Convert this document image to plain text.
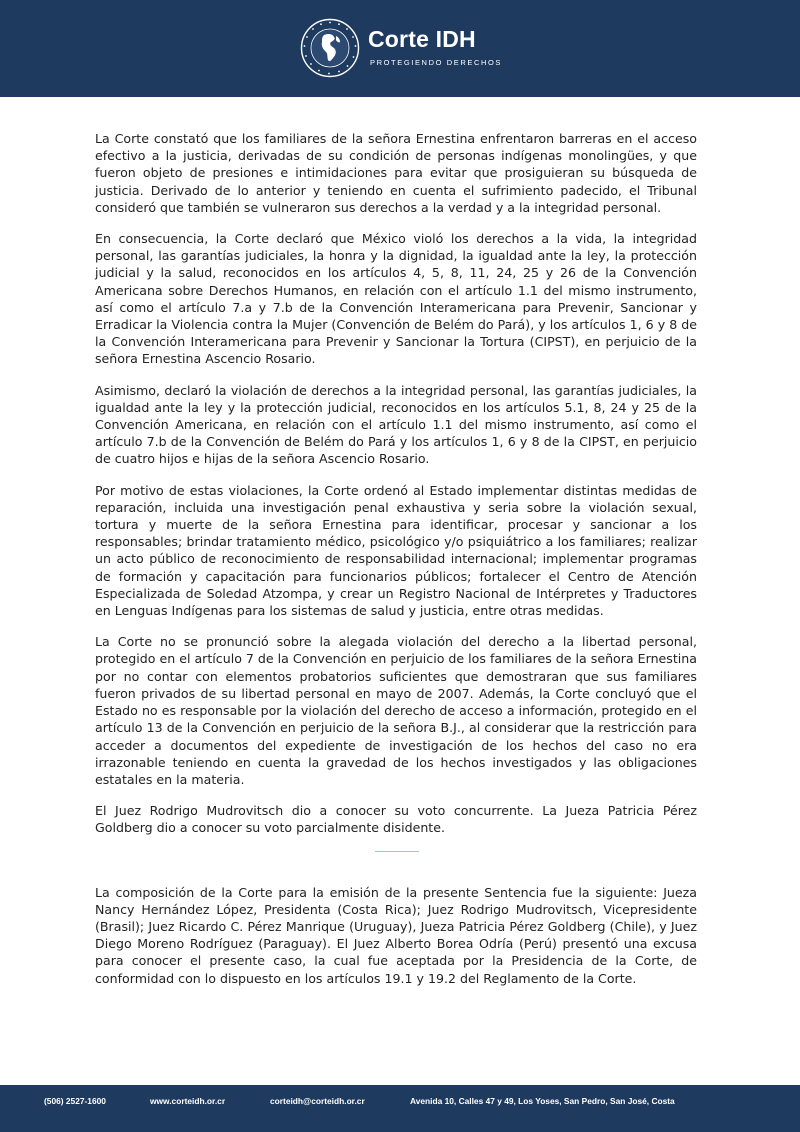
Corte IDH
PROTEGIENDO DERECHOS

La Corte constató que los familiares de la señora Ernestina enfrentaron barreras en el acceso efectivo a la justicia, derivadas de su condición de personas indígenas monolingües, y que fueron objeto de presiones e intimidaciones para evitar que prosiguieran su búsqueda de justicia. Derivado de lo anterior y teniendo en cuenta el sufrimiento padecido, el Tribunal consideró que también se vulneraron sus derechos a la verdad y a la integridad personal.

En consecuencia, la Corte declaró que México violó los derechos a la vida, la integridad personal, las garantías judiciales, la honra y la dignidad, la igualdad ante la ley, la protección judicial y la salud, reconocidos en los artículos 4, 5, 8, 11, 24, 25 y 26 de la Convención Americana sobre Derechos Humanos, en relación con el artículo 1.1 del mismo instrumento, así como el artículo 7.a y 7.b de la Convención Interamericana para Prevenir, Sancionar y Erradicar la Violencia contra la Mujer (Convención de Belém do Pará), y los artículos 1, 6 y 8 de la Convención Interamericana para Prevenir y Sancionar la Tortura (CIPST), en perjuicio de la señora Ernestina Ascencio Rosario.

Asimismo, declaró la violación de derechos a la integridad personal, las garantías judiciales, la igualdad ante la ley y la protección judicial, reconocidos en los artículos 5.1, 8, 24 y 25 de la Convención Americana, en relación con el artículo 1.1 del mismo instrumento, así como el artículo 7.b de la Convención de Belém do Pará y los artículos 1, 6 y 8 de la CIPST, en perjuicio de cuatro hijos e hijas de la señora Ascencio Rosario.

Por motivo de estas violaciones, la Corte ordenó al Estado implementar distintas medidas de reparación, incluida una investigación penal exhaustiva y seria sobre la violación sexual, tortura y muerte de la señora Ernestina para identificar, procesar y sancionar a los responsables; brindar tratamiento médico, psicológico y/o psiquiátrico a los familiares; realizar un acto público de reconocimiento de responsabilidad internacional; implementar programas de formación y capacitación para funcionarios públicos; fortalecer el Centro de Atención Especializada de Soledad Atzompa, y crear un Registro Nacional de Intérpretes y Traductores en Lenguas Indígenas para los sistemas de salud y justicia, entre otras medidas.

La Corte no se pronunció sobre la alegada violación del derecho a la libertad personal, protegido en el artículo 7 de la Convención en perjuicio de los familiares de la señora Ernestina por no contar con elementos probatorios suficientes que demostraran que sus familiares fueron privados de su libertad personal en mayo de 2007. Además, la Corte concluyó que el Estado no es responsable por la violación del derecho de acceso a información, protegido en el artículo 13 de la Convención en perjuicio de la señora B.J., al considerar que la restricción para acceder a documentos del expediente de investigación de los hechos del caso no era irrazonable teniendo en cuenta la gravedad de los hechos investigados y las obligaciones estatales en la materia.

El Juez Rodrigo Mudrovitsch dio a conocer su voto concurrente. La Jueza Patricia Pérez Goldberg dio a conocer su voto parcialmente disidente.

La composición de la Corte para la emisión de la presente Sentencia fue la siguiente: Jueza Nancy Hernández López, Presidenta (Costa Rica); Juez Rodrigo Mudrovitsch, Vicepresidente (Brasil); Juez Ricardo C. Pérez Manrique (Uruguay), Jueza Patricia Pérez Goldberg (Chile), y Juez Diego Moreno Rodríguez (Paraguay). El Juez Alberto Borea Odría (Perú) presentó una excusa para conocer el presente caso, la cual fue aceptada por la Presidencia de la Corte, de conformidad con lo dispuesto en los artículos 19.1 y 19.2 del Reglamento de la Corte.

(506) 2527-1600	www.corteidh.or.cr	corteidh@corteidh.or.cr	Avenida 10, Calles 47 y 49, Los Yoses, San Pedro, San José, Costa
